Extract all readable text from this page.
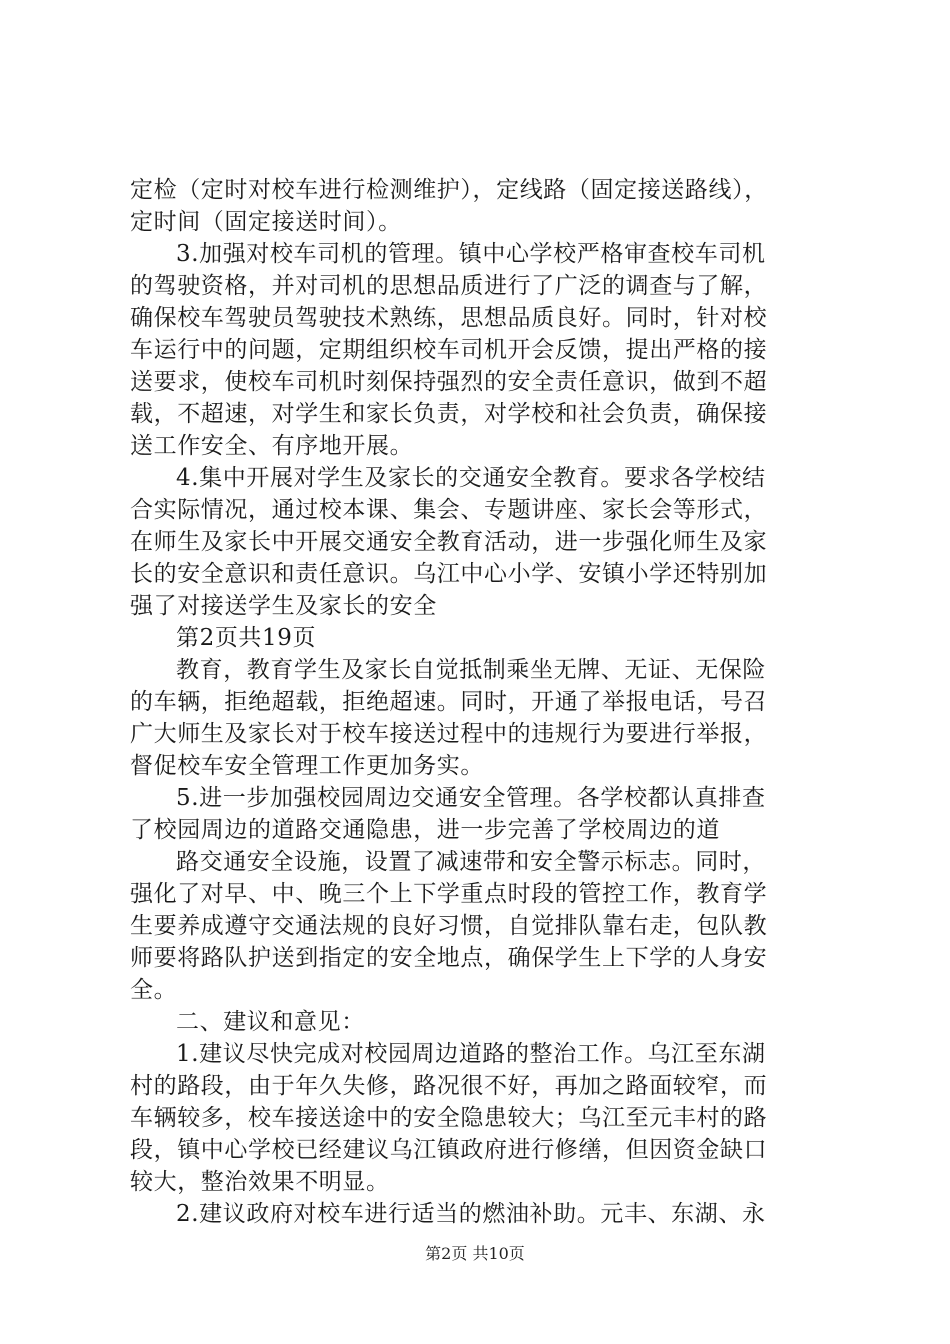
定检（定时对校车进行检测维护），定线路（固定接送路线），
定时间（固定接送时间）。
3.加强对校车司机的管理。镇中心学校严格审查校车司机
的驾驶资格，并对司机的思想品质进行了广泛的调查与了解，
确保校车驾驶员驾驶技术熟练，思想品质良好。同时，针对校
车运行中的问题，定期组织校车司机开会反馈，提出严格的接
送要求，使校车司机时刻保持强烈的安全责任意识，做到不超
载，不超速，对学生和家长负责，对学校和社会负责，确保接
送工作安全、有序地开展。
4.集中开展对学生及家长的交通安全教育。要求各学校结
合实际情况，通过校本课、集会、专题讲座、家长会等形式，
在师生及家长中开展交通安全教育活动，进一步强化师生及家
长的安全意识和责任意识。乌江中心小学、安镇小学还特别加
强了对接送学生及家长的安全
第2页共19页
教育，教育学生及家长自觉抵制乘坐无牌、无证、无保险
的车辆，拒绝超载，拒绝超速。同时，开通了举报电话，号召
广大师生及家长对于校车接送过程中的违规行为要进行举报，
督促校车安全管理工作更加务实。
5.进一步加强校园周边交通安全管理。各学校都认真排查
了校园周边的道路交通隐患，进一步完善了学校周边的道
路交通安全设施，设置了减速带和安全警示标志。同时，
强化了对早、中、晚三个上下学重点时段的管控工作，教育学
生要养成遵守交通法规的良好习惯，自觉排队靠右走，包队教
师要将路队护送到指定的安全地点，确保学生上下学的人身安
全。
二、建议和意见：
1.建议尽快完成对校园周边道路的整治工作。乌江至东湖
村的路段，由于年久失修，路况很不好，再加之路面较窄，而
车辆较多，校车接送途中的安全隐患较大；乌江至元丰村的路
段，镇中心学校已经建议乌江镇政府进行修缮，但因资金缺口
较大，整治效果不明显。
2.建议政府对校车进行适当的燃油补助。元丰、东湖、永
第2页 共10页
